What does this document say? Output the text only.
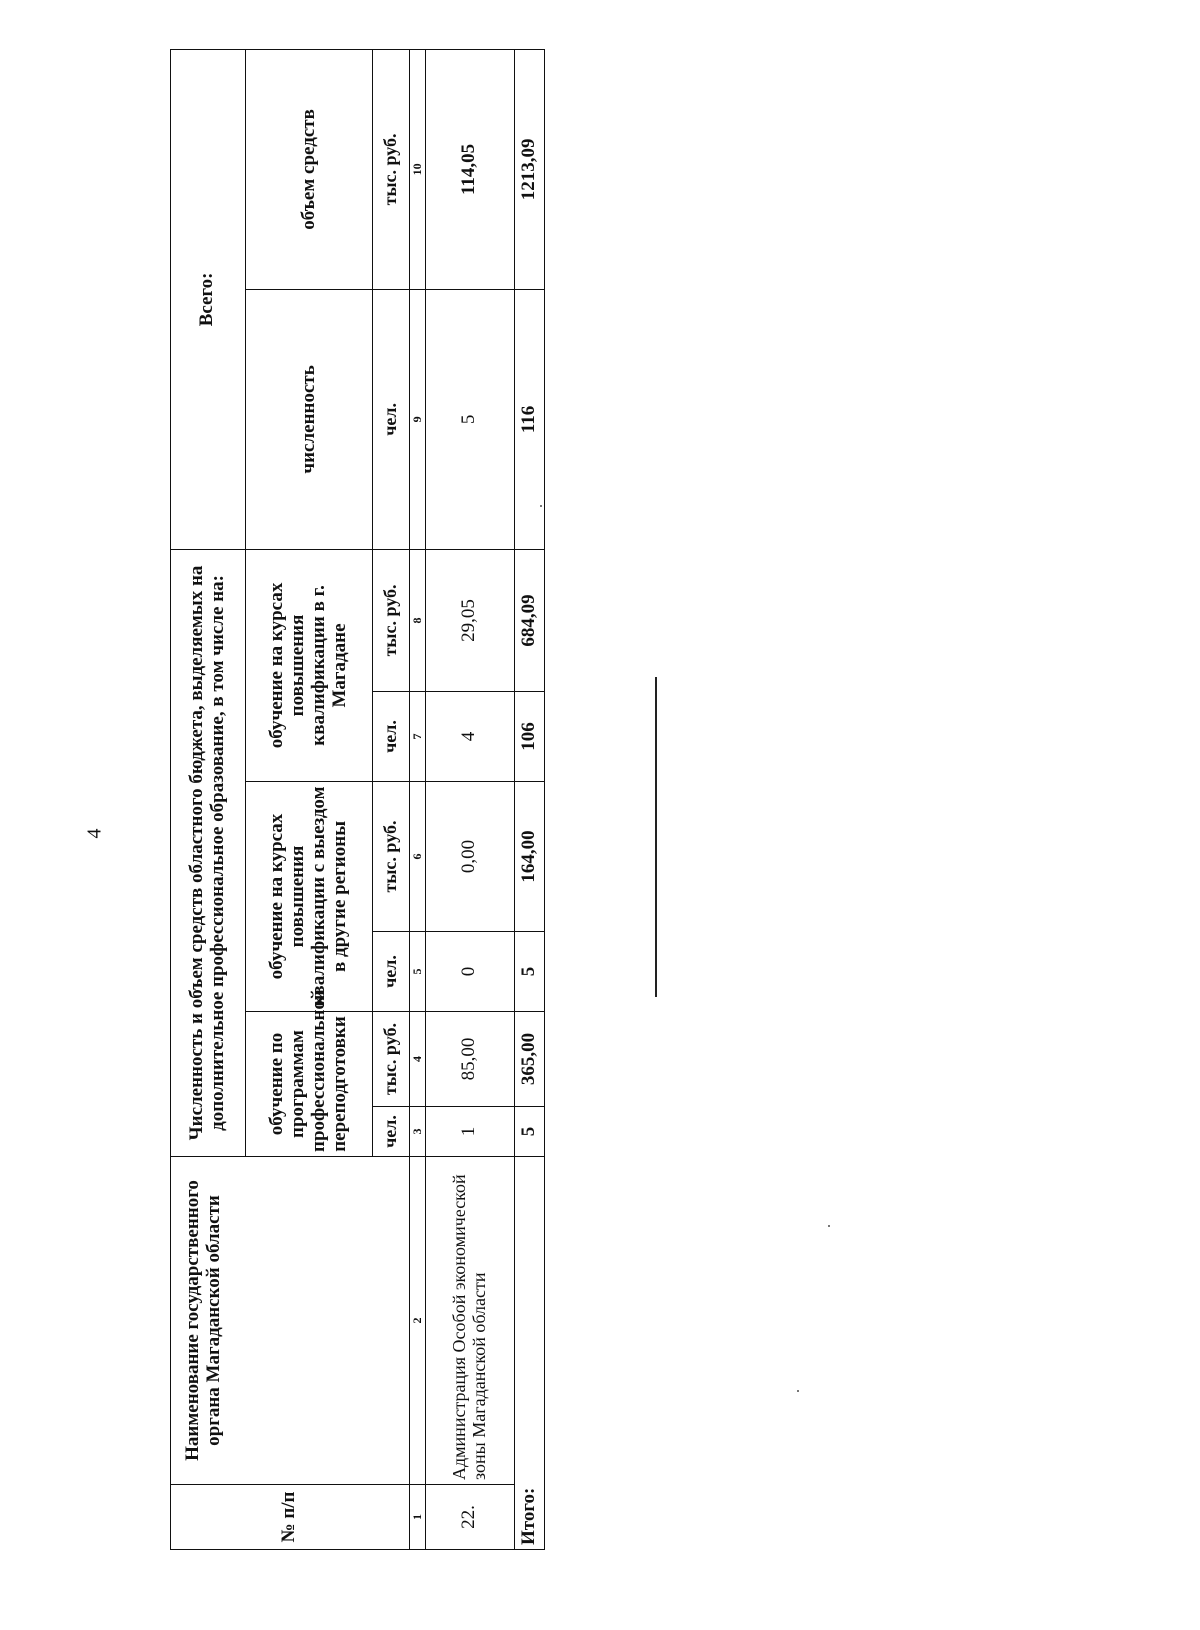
4
№ п/п	Наименование государственного органа Магаданской области	Численность и объем средств областного бюджета, выделяемых на дополнительное профессиональное образование, в том числе на:						Всего:	
		обучение по программам профессиональной переподготовки		обучение на курсах повышения квалификации с выездом в другие регионы		обучение на курсах повышения квалификации в г. Магадане		численность	объем средств
		чел.	тыс. руб.	чел.	тыс. руб.	чел.	тыс. руб.	чел.	тыс. руб.
1	2	3	4	5	6	7	8	9	10
22.	Администрация Особой экономической зоны Магаданской области	1	85,00	0	0,00	4	29,05	5	114,05
Итого:		5	365,00	5	164,00	106	684,09	116	1213,09
